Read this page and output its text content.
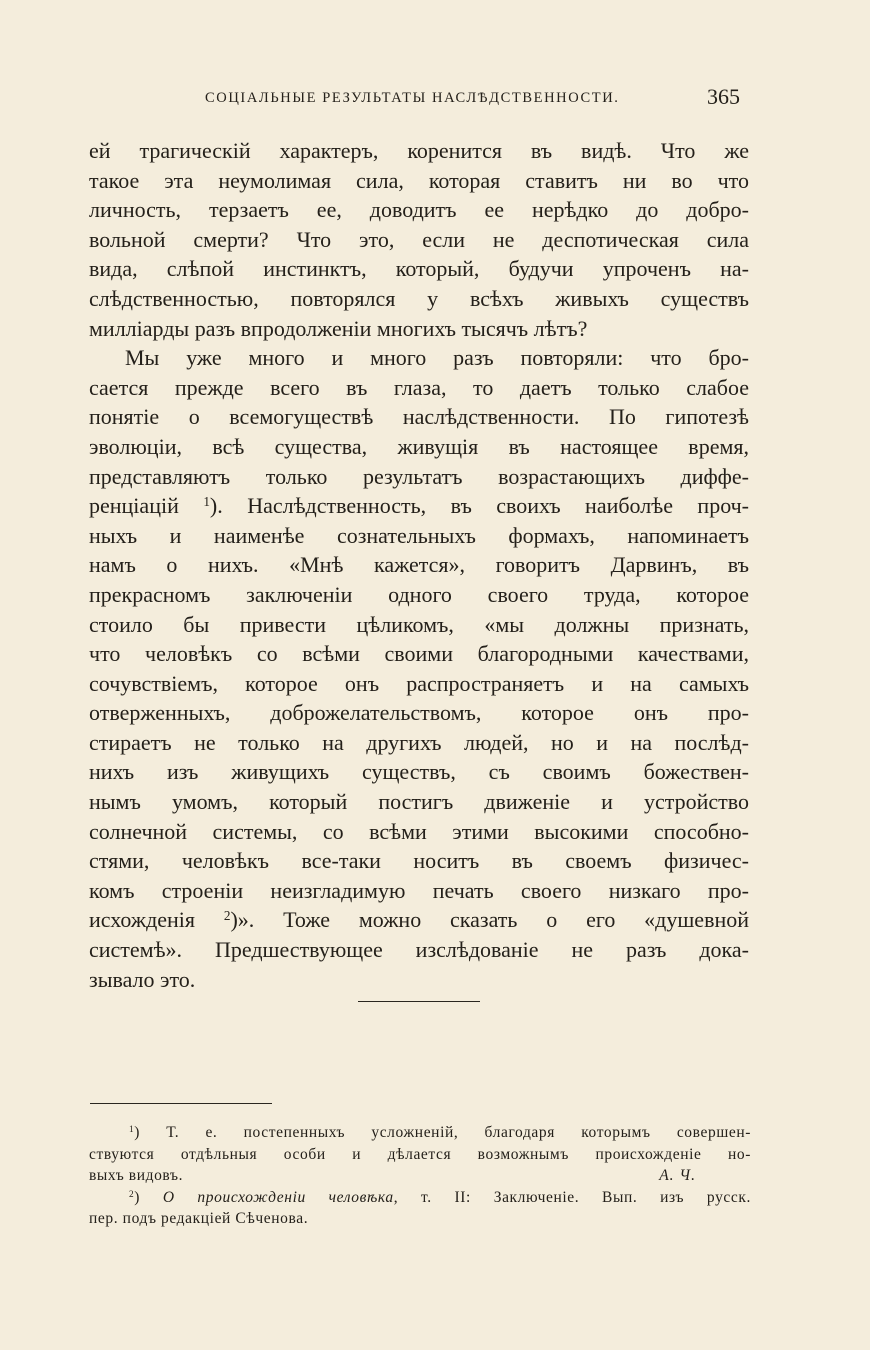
СОЦІАЛЬНЫЕ РЕЗУЛЬТАТЫ НАСЛѢДСТВЕННОСТИ.	365
ей трагическій характеръ, коренится въ видѣ. Что же
такое эта неумолимая сила, которая ставитъ ни во что
личность, терзаетъ ее, доводитъ ее нерѣдко до добро-
вольной смерти? Что это, если не деспотическая сила
вида, слѣпой инстинктъ, который, будучи упроченъ на-
слѣдственностью, повторялся у всѣхъ живыхъ существъ
милліарды разъ впродолженіи многихъ тысячъ лѣтъ?
Мы уже много и много разъ повторяли: что бро-
сается прежде всего въ глаза, то даетъ только слабое
понятіе о всемогуществѣ наслѣдственности. По гипотезѣ
эволюціи, всѣ существа, живущія въ настоящее время,
представляютъ только результатъ возрастающихъ диффе-
ренціацій $^1$). Наслѣдственность, въ своихъ наиболѣе проч-
ныхъ и наименѣе сознательныхъ формахъ, напоминаетъ
намъ о нихъ. «Мнѣ кажется», говоритъ Дарвинъ, въ
прекрасномъ заключеніи одного своего труда, которое
стоило бы привести цѣликомъ, «мы должны признать,
что человѣкъ со всѣми своими благородными качествами,
сочувствіемъ, которое онъ распространяетъ и на самыхъ
отверженныхъ, доброжелательствомъ, которое онъ про-
стираетъ не только на другихъ людей, но и на послѣд-
нихъ изъ живущихъ существъ, съ своимъ божествен-
нымъ умомъ, который постигъ движеніе и устройство
солнечной системы, со всѣми этими высокими способно-
стями, человѣкъ все-таки носитъ въ своемъ физичес-
комъ строеніи неизгладимую печать своего низкаго про-
исхожденія $^2$)». Тоже можно сказать о его «душевной
системѣ». Предшествующее изслѣдованіе не разъ дока-
зывало это.
$^1$) Т. е. постепенныхъ усложненій, благодаря которымъ совершен-
ствуются отдѣльныя особи и дѣлается возможнымъ происхожденіе но-
выхъ видовъ.	А. Ч.
$^2$) О происхожденіи человѣка, т. II: Заключеніе. Вып. изъ русск.
пер. подъ редакціей Сѣченова.
